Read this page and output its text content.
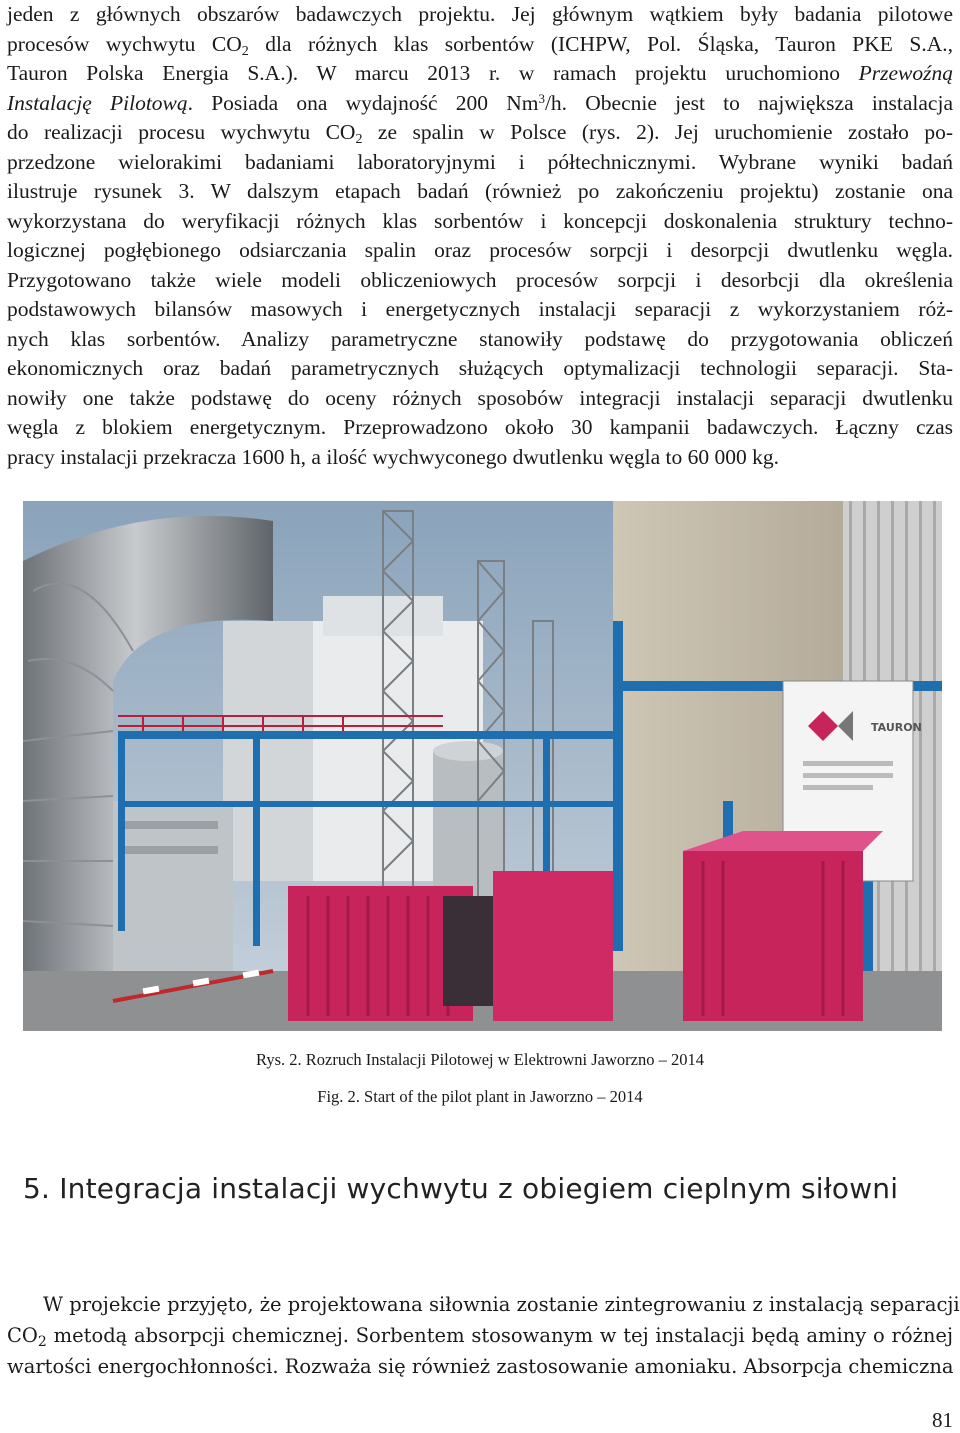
jeden z głównych obszarów badawczych projektu. Jej głównym wątkiem były badania pilotowe
procesów wychwytu $CO_2$ dla różnych klas sorbentów (ICHPW, Pol. Śląska, Tauron PKE S.A.,
Tauron Polska Energia S.A.). W marcu 2013 r. w ramach projektu uruchomiono Przewoźną
Instalację Pilotową. Posiada ona wydajność 200 Nm$^3$/h. Obecnie jest to największa instalacja
do realizacji procesu wychwytu $CO_2$ ze spalin w Polsce (rys. 2). Jej uruchomienie zostało po-
przedzone wielorakimi badaniami laboratoryjnymi i półtechnicznymi. Wybrane wyniki badań
ilustruje rysunek 3. W dalszym etapach badań (również po zakończeniu projektu) zostanie ona
wykorzystana do weryfikacji różnych klas sorbentów i koncepcji doskonalenia struktury techno-
logicznej pogłębionego odsiarczania spalin oraz procesów sorpcji i desorpcji dwutlenku węgla.
Przygotowano także wiele modeli obliczeniowych procesów sorpcji i desorbcji dla określenia
podstawowych bilansów masowych i energetycznych instalacji separacji z wykorzystaniem róż-
nych klas sorbentów. Analizy parametryczne stanowiły podstawę do przygotowania obliczeń
ekonomicznych oraz badań parametrycznych służących optymalizacji technologii separacji. Sta-
nowiły one także podstawę do oceny różnych sposobów integracji instalacji separacji dwutlenku
węgla z blokiem energetycznym. Przeprowadzono około 30 kampanii badawczych. Łączny czas
pracy instalacji przekracza 1600 h, a ilość wychwyconego dwutlenku węgla to 60 000 kg.
TAURON
Rys. 2. Rozruch Instalacji Pilotowej w Elektrowni Jaworzno – 2014
Fig. 2. Start of the pilot plant in Jaworzno – 2014
5. Integracja instalacji wychwytu z obiegiem cieplnym siłowni
W projekcie przyjęto, że projektowana siłownia zostanie zintegrowaniu z instalacją separacji
$CO_2$ metodą absorpcji chemicznej. Sorbentem stosowanym w tej instalacji będą aminy o różnej
wartości energochłonności. Rozważa się również zastosowanie amoniaku. Absorpcja chemiczna
81
